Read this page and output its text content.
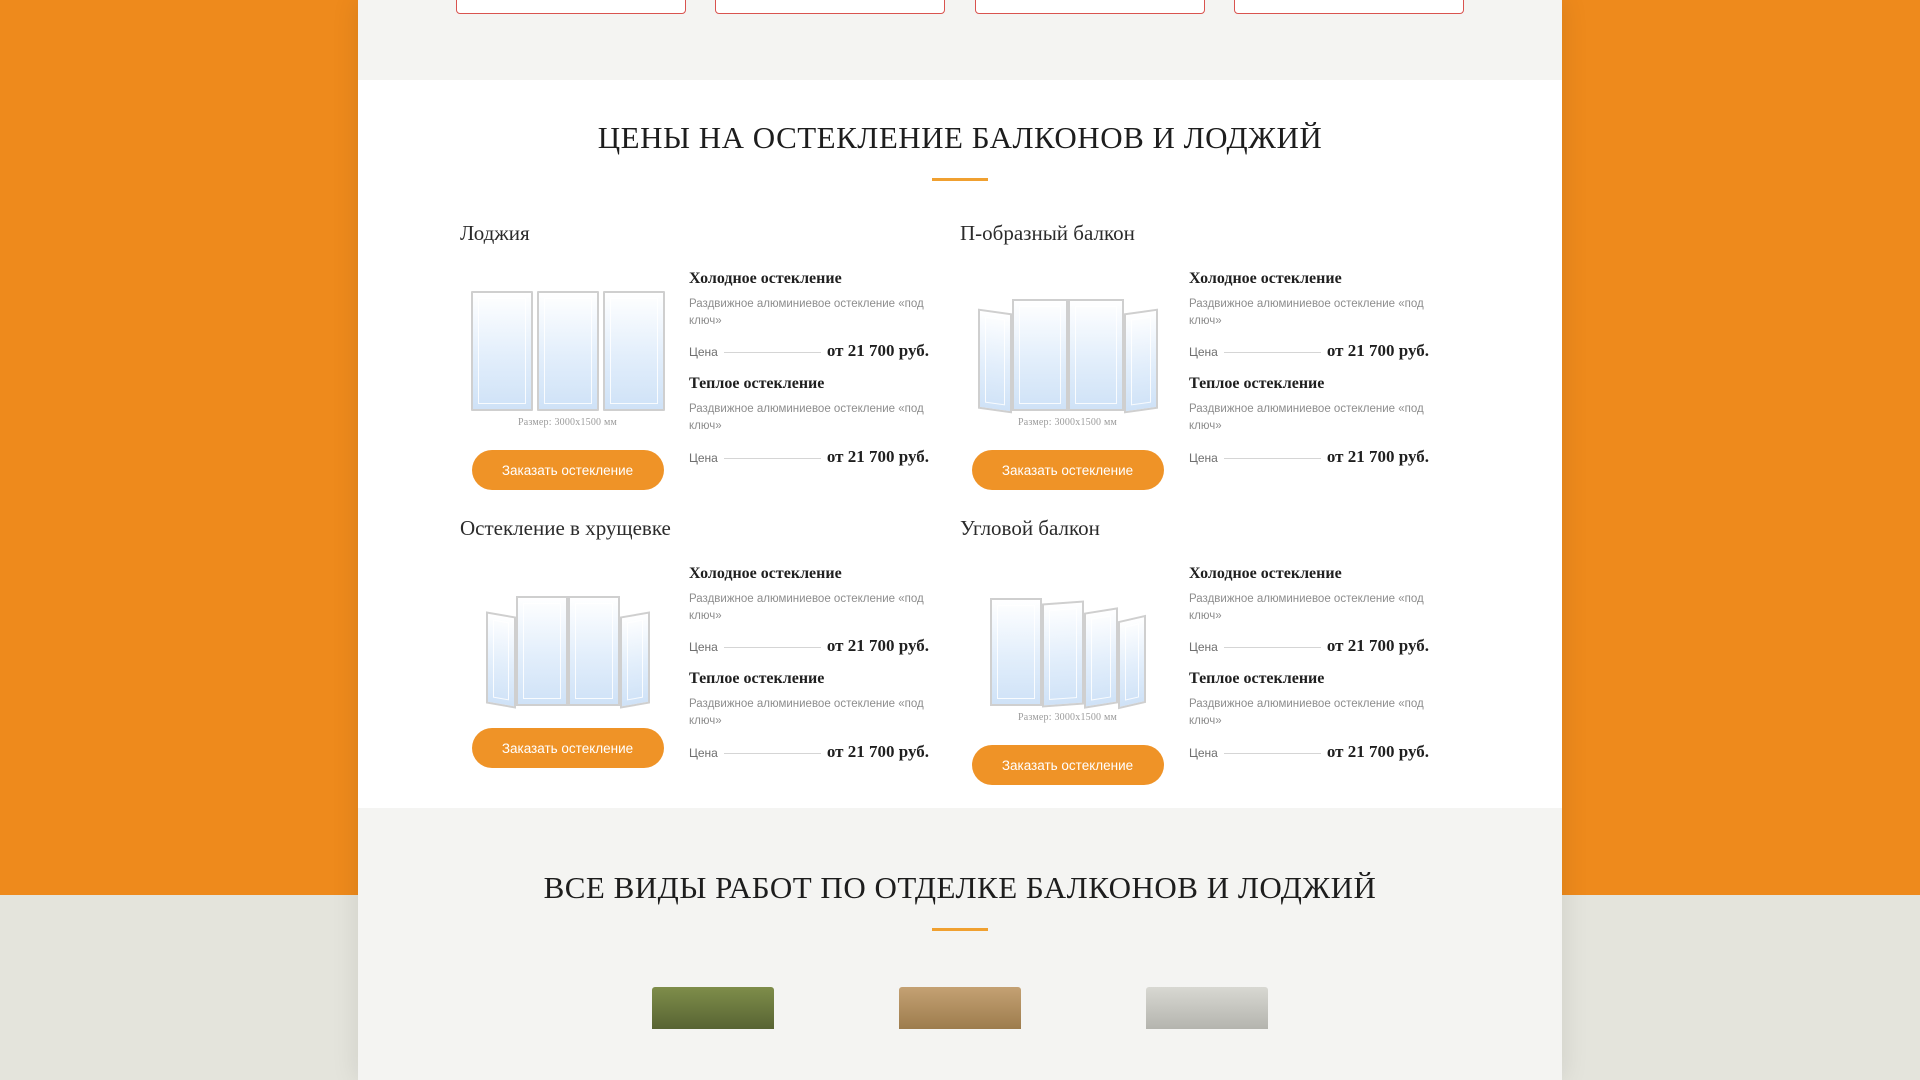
ЦЕНЫ НА ОСТЕКЛЕНИЕ БАЛКОНОВ И ЛОДЖИЙ
Лоджия
Размер: 3000х1500 мм
Заказать остекление
Холодное остекление

Раздвижное алюминиевое остекление «под ключ»

Цена	от 21 700 руб.
Теплое остекление

Раздвижное алюминиевое остекление «под ключ»

Цена	от 21 700 руб.
П-образный балкон
Размер: 3000х1500 мм
Заказать остекление
Холодное остекление

Раздвижное алюминиевое остекление «под ключ»

Цена	от 21 700 руб.
Теплое остекление

Раздвижное алюминиевое остекление «под ключ»

Цена	от 21 700 руб.
Остекление в хрущевке
Заказать остекление
Холодное остекление

Раздвижное алюминиевое остекление «под ключ»

Цена	от 21 700 руб.
Теплое остекление

Раздвижное алюминиевое остекление «под ключ»

Цена	от 21 700 руб.
Угловой балкон
Размер: 3000х1500 мм
Заказать остекление
Холодное остекление

Раздвижное алюминиевое остекление «под ключ»

Цена	от 21 700 руб.
Теплое остекление

Раздвижное алюминиевое остекление «под ключ»

Цена	от 21 700 руб.
ВСЕ ВИДЫ РАБОТ ПО ОТДЕЛКЕ БАЛКОНОВ И ЛОДЖИЙ
